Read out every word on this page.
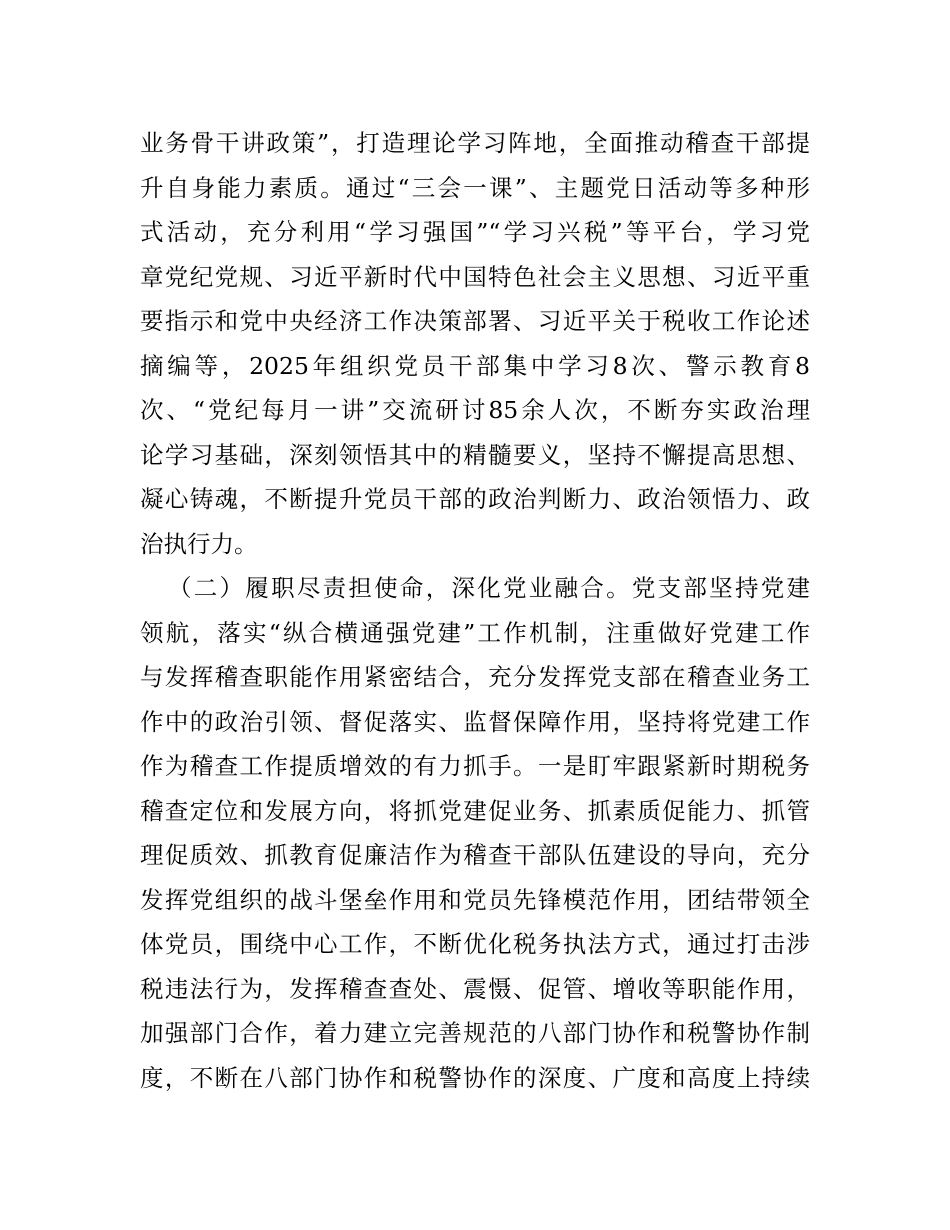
业务骨干讲政策”，打造理论学习阵地，全面推动稽查干部提
升自身能力素质。通过“三会一课”、主题党日活动等多种形
式活动，充分利用“学习强国”“学习兴税”等平台，学习党
章党纪党规、习近平新时代中国特色社会主义思想、习近平重
要指示和党中央经济工作决策部署、习近平关于税收工作论述
摘编等，2025年组织党员干部集中学习8次、警示教育8
次、“党纪每月一讲”交流研讨85余人次，不断夯实政治理
论学习基础，深刻领悟其中的精髓要义，坚持不懈提高思想、
凝心铸魂，不断提升党员干部的政治判断力、政治领悟力、政
治执行力。
（二）履职尽责担使命，深化党业融合。党支部坚持党建
领航，落实“纵合横通强党建”工作机制，注重做好党建工作
与发挥稽查职能作用紧密结合，充分发挥党支部在稽查业务工
作中的政治引领、督促落实、监督保障作用，坚持将党建工作
作为稽查工作提质增效的有力抓手。一是盯牢跟紧新时期税务
稽查定位和发展方向，将抓党建促业务、抓素质促能力、抓管
理促质效、抓教育促廉洁作为稽查干部队伍建设的导向，充分
发挥党组织的战斗堡垒作用和党员先锋模范作用，团结带领全
体党员，围绕中心工作，不断优化税务执法方式，通过打击涉
税违法行为，发挥稽查查处、震慑、促管、增收等职能作用，
加强部门合作，着力建立完善规范的八部门协作和税警协作制
度，不断在八部门协作和税警协作的深度、广度和高度上持续
